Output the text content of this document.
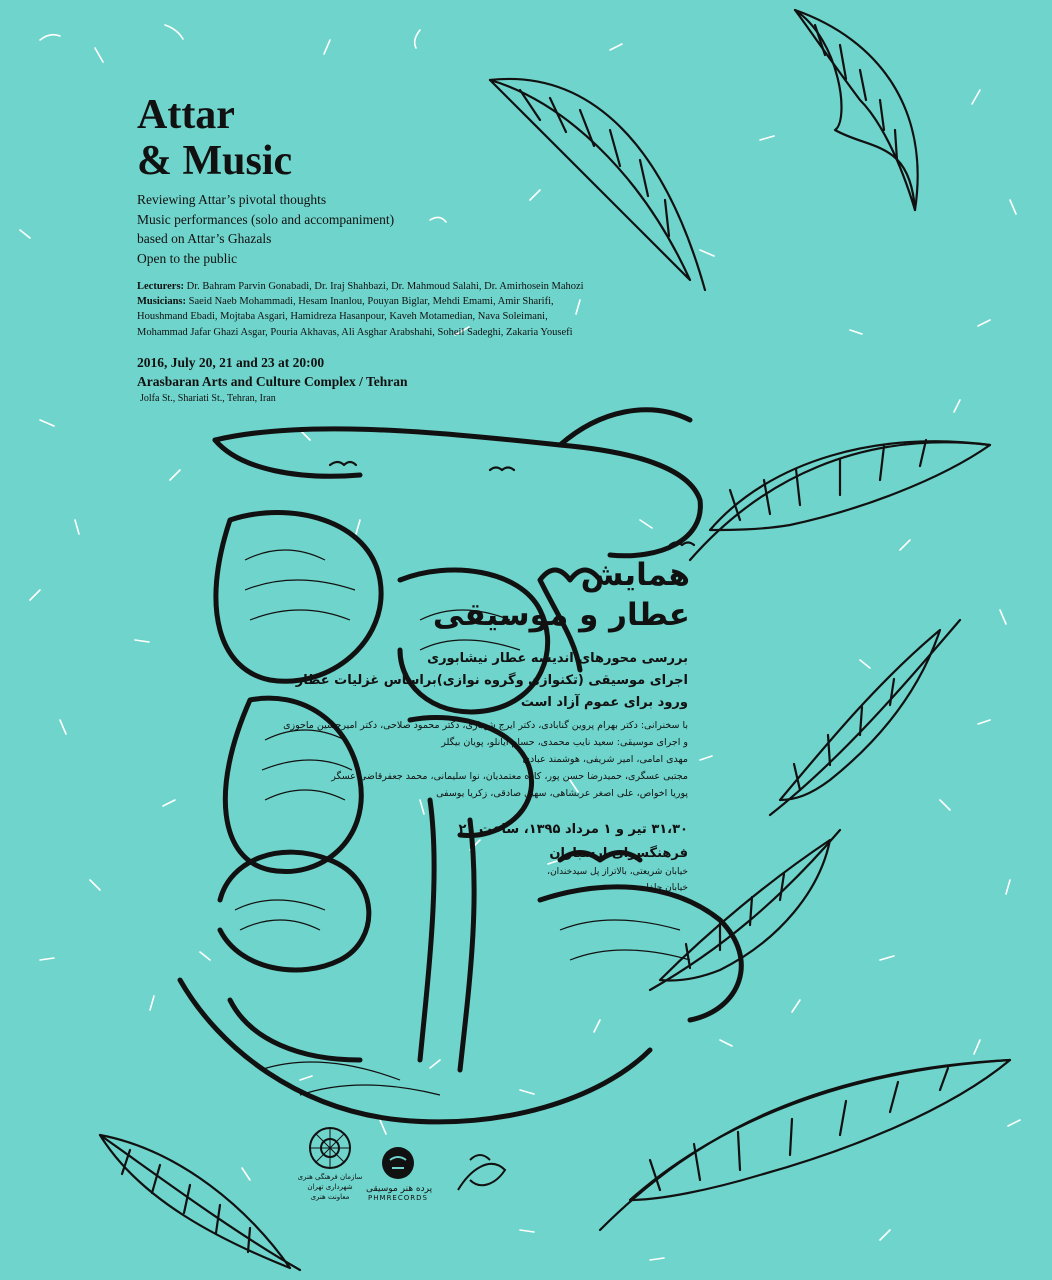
Attar
& Music
Reviewing Attar’s pivotal thoughts
Music performances (solo and accompaniment)
based on Attar’s Ghazals
Open to the public
Lecturers: Dr. Bahram Parvin Gonabadi, Dr. Iraj Shahbazi, Dr. Mahmoud Salahi, Dr. Amirhosein Mahozi
Musicians: Saeid Naeb Mohammadi, Hesam Inanlou, Pouyan Biglar, Mehdi Emami, Amir Sharifi,
Houshmand Ebadi, Mojtaba Asgari, Hamidreza Hasanpour, Kaveh Motamedian, Nava Soleimani,
Mohammad Jafar Ghazi Asgar, Pouria Akhavas, Ali Asghar Arabshahi, Soheil Sadeghi, Zakaria Yousefi
2016, July 20, 21 and 23 at 20:00
Arasbaran Arts and Culture Complex / Tehran
Jolfa St., Shariati St., Tehran, Iran
همایش
عطار و موسیقی
بررسی محورهای اندیشه عطار نیشابوری
اجرای موسیقی (تکنوازی وگروه نوازی)براساس غزلیات عطار
ورود برای عموم آزاد است
با سخنرانی: دکتر بهرام پروین گنابادی، دکتر ایرج شهبازی، دکتر محمود صلاحی، دکتر امیرحسین ماحوزی
و اجرای موسیقی: سعید نایب محمدی، حسام ایانلو، پویان بیگلر
مهدی امامی، امیر شریفی، هوشمند عبادی
مجتبی عسگری، حمیدرضا حسن پور، کاوه معتمدیان، نوا سلیمانی، محمد جعفرقاضی عسگر
پوریا اخواص، علی اصغر عربشاهی، سهیل صادقی، زکریا یوسفی
۳۱،۳۰ تیر و ۱ مرداد ۱۳۹۵، ساعت ۲۰
فرهنگسرای ارسباران
خیابان شریعتی، بالاتراز پل سیدخندان،
خیابان جلفا
سازمان فرهنگی هنری شهرداری تهران
معاونت هنری
پرده هنر موسیقی
PHMRECORDS
